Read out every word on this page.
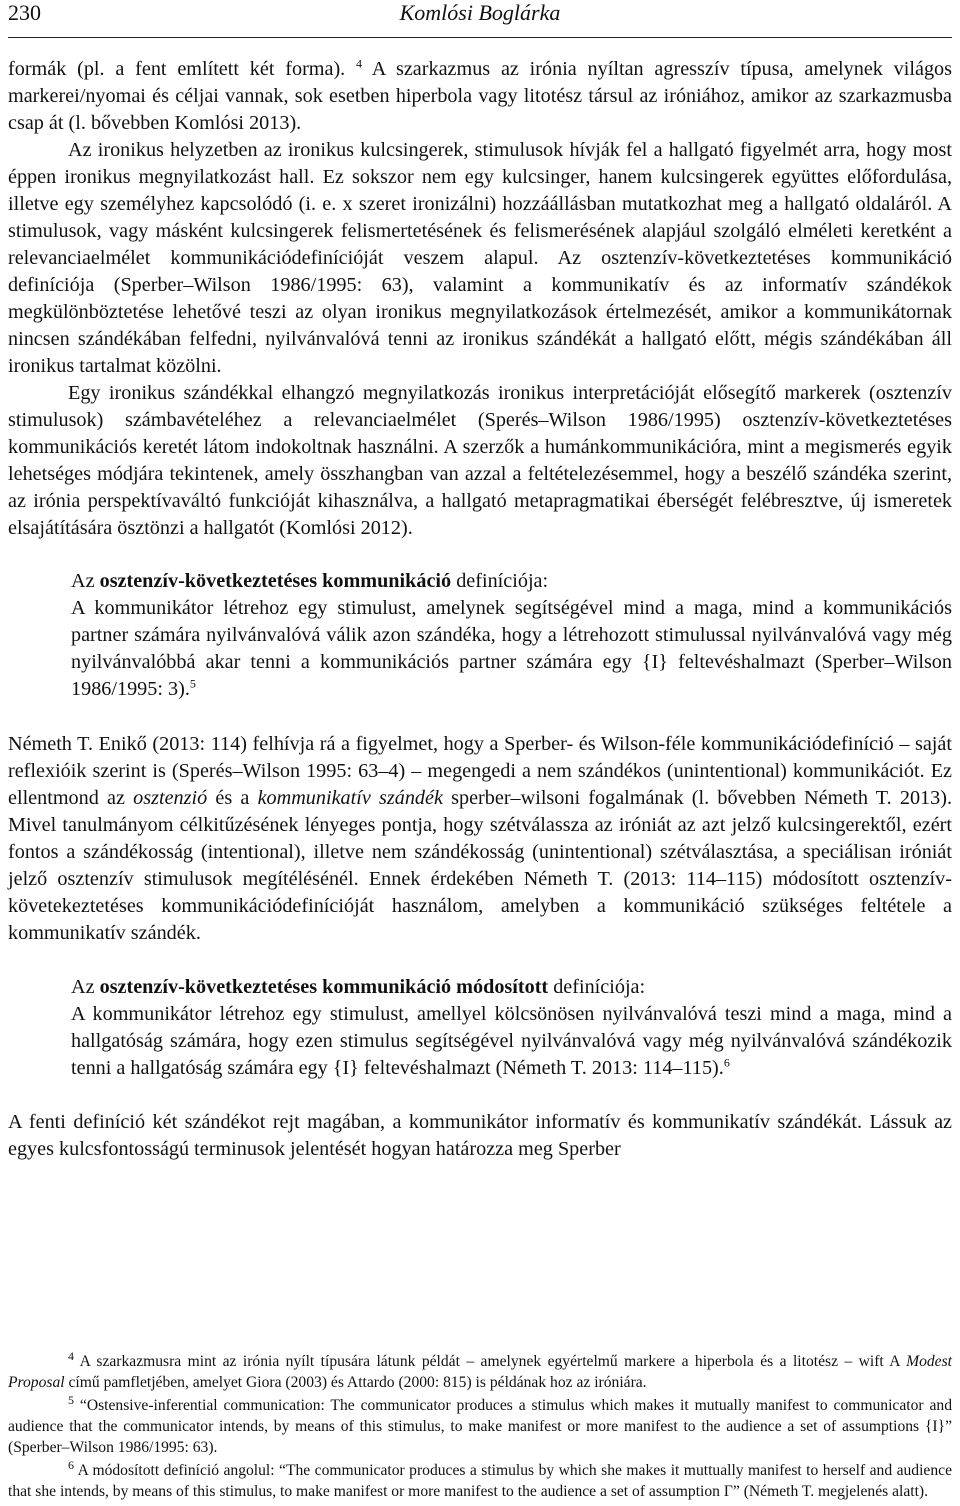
230	Komlósi Boglárka

formák (pl. a fent említett két forma). $^4$ A szarkazmus az irónia nyíltan agresszív típusa, amelynek világos markerei/nyomai és céljai vannak, sok esetben hiperbola vagy litotész társul az iróniához, amikor az szarkazmusba csap át (l. bővebben Komlósi 2013).

Az ironikus helyzetben az ironikus kulcsingerek, stimulusok hívják fel a hallgató figyelmét arra, hogy most éppen ironikus megnyilatkozást hall. Ez sokszor nem egy kulcsinger, hanem kulcsingerek együttes előfordulása, illetve egy személyhez kapcsolódó (i. e. x szeret ironizálni) hozzáállásban mutatkozhat meg a hallgató oldaláról. A stimulusok, vagy másként kulcsingerek felismertetésének és felismerésének alapjául szolgáló elméleti keretként a relevanciaelmélet kommunikációdefinícióját veszem alapul. Az osztenzív-következtetéses kommunikáció definíciója (Sperber–Wilson 1986/1995: 63), valamint a kommunikatív és az informatív szándékok megkülönböztetése lehetővé teszi az olyan ironikus megnyilatkozások értelmezését, amikor a kommunikátornak nincsen szándékában felfedni, nyilvánvalóvá tenni az ironikus szándékát a hallgató előtt, mégis szándékában áll ironikus tartalmat közölni.

Egy ironikus szándékkal elhangzó megnyilatkozás ironikus interpretációját elősegítő markerek (osztenzív stimulusok) számbavételéhez a relevanciaelmélet (Sperés–Wilson 1986/1995) osztenzív-következtetéses kommunikációs keretét látom indokoltnak használni. A szerzők a humánkommunikációra, mint a megismerés egyik lehetséges módjára tekintenek, amely összhangban van azzal a feltételezésemmel, hogy a beszélő szándéka szerint, az irónia perspektívaváltó funkcióját kihasználva, a hallgató metapragmatikai éberségét felébresztve, új ismeretek elsajátítására ösztönzi a hallgatót (Komlósi 2012).

Az osztenzív-következtetéses kommunikáció definíciója:

A kommunikátor létrehoz egy stimulust, amelynek segítségével mind a maga, mind a kommunikációs partner számára nyilvánvalóvá válik azon szándéka, hogy a létrehozott stimulussal nyilvánvalóvá vagy még nyilvánvalóbbá akar tenni a kommunikációs partner számára egy {I} feltevéshalmazt (Sperber–Wilson 1986/1995: 3).$^5$

Németh T. Enikő (2013: 114) felhívja rá a figyelmet, hogy a Sperber- és Wilson-féle kommunikációdefiníció – saját reflexióik szerint is (Sperés–Wilson 1995: 63–4) – megengedi a nem szándékos (unintentional) kommunikációt. Ez ellentmond az osztenzió és a kommunikatív szándék sperber–wilsoni fogalmának (l. bővebben Németh T. 2013). Mivel tanulmányom célkitűzésének lényeges pontja, hogy szétválassza az iróniát az azt jelző kulcsingerektől, ezért fontos a szándékosság (intentional), illetve nem szándékosság (unintentional) szétválasztása, a speciálisan iróniát jelző osztenzív stimulusok megítélésénél. Ennek érdekében Németh T. (2013: 114–115) módosított osztenzív-követekeztetéses kommunikációdefinícióját használom, amelyben a kommunikáció szükséges feltétele a kommunikatív szándék.

Az osztenzív-következtetéses kommunikáció módosított definíciója:

A kommunikátor létrehoz egy stimulust, amellyel kölcsönösen nyilvánvalóvá teszi mind a maga, mind a hallgatóság számára, hogy ezen stimulus segítségével nyilvánvalóvá vagy még nyilvánvalóvá szándékozik tenni a hallgatóság számára egy {I} feltevéshalmazt (Németh T. 2013: 114–115).$^6$

A fenti definíció két szándékot rejt magában, a kommunikátor informatív és kommunikatív szándékát. Lássuk az egyes kulcsfontosságú terminusok jelentését hogyan határozza meg Sperber

$^4$ A szarkazmusra mint az irónia nyílt típusára látunk példát – amelynek egyértelmű markere a hiperbola és a litotész – wift A Modest Proposal című pamfletjében, amelyet Giora (2003) és Attardo (2000: 815) is példának hoz az iróniára.

$^5$ “Ostensive-inferential communication: The communicator produces a stimulus which makes it mutually manifest to communicator and audience that the communicator intends, by means of this stimulus, to make manifest or more manifest to the audience a set of assumptions {I}” (Sperber–Wilson 1986/1995: 63).

$^6$ A módosított definíció angolul: “The communicator produces a stimulus by which she makes it muttually manifest to herself and audience that she intends, by means of this stimulus, to make manifest or more manifest to the audience a set of assumption Γ” (Németh T. megjelenés alatt).
